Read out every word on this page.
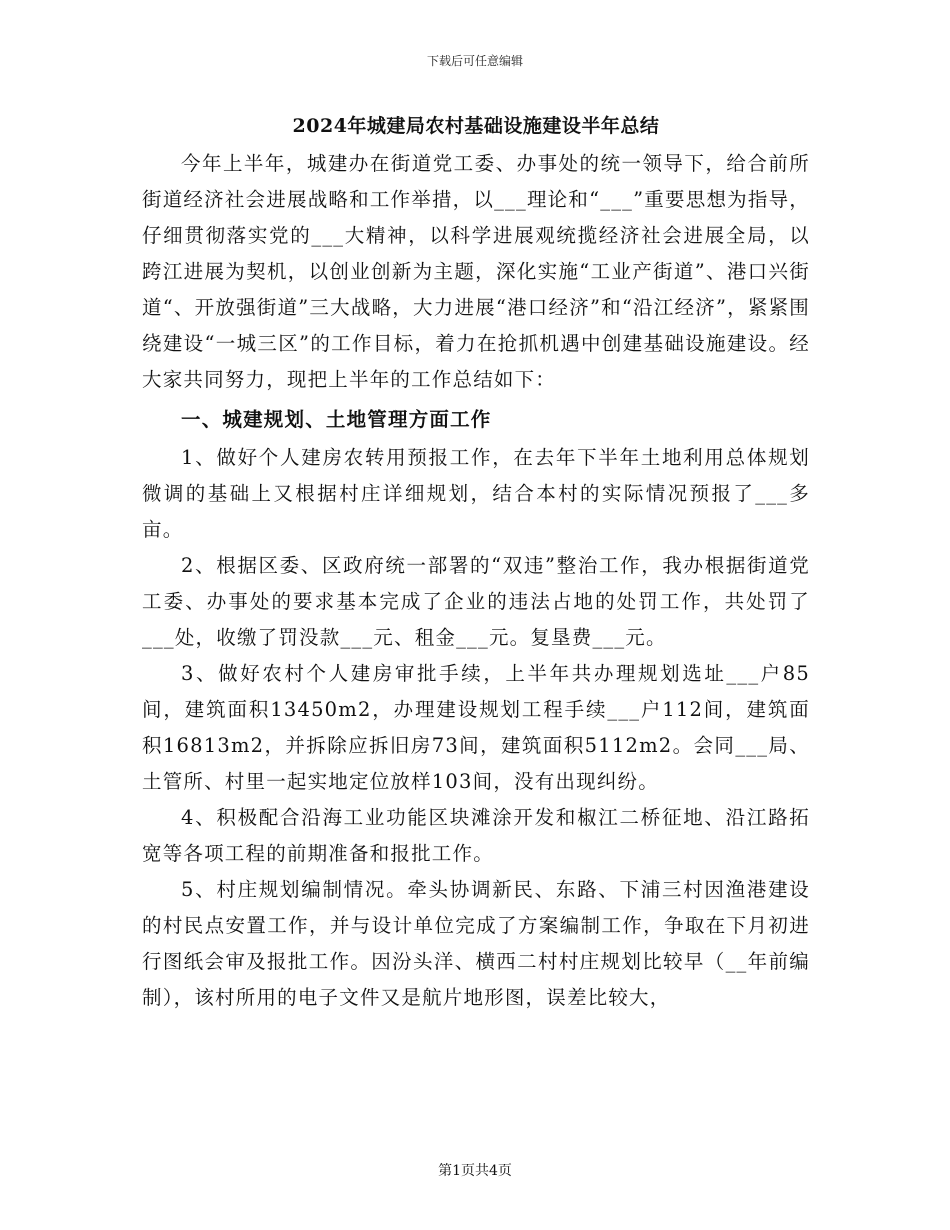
下载后可任意编辑
2024年城建局农村基础设施建设半年总结

今年上半年，城建办在街道党工委、办事处的统一领导下，给合前所街道经济社会进展战略和工作举措，以___理论和“___”重要思想为指导，仔细贯彻落实党的___大精神，以科学进展观统揽经济社会进展全局，以跨江进展为契机，以创业创新为主题，深化实施“工业产街道”、港口兴街道“、开放强街道”三大战略，大力进展“港口经济”和“沿江经济”，紧紧围绕建设“一城三区”的工作目标，着力在抢抓机遇中创建基础设施建设。经大家共同努力，现把上半年的工作总结如下：

一、城建规划、土地管理方面工作

1、做好个人建房农转用预报工作，在去年下半年土地利用总体规划微调的基础上又根据村庄详细规划，结合本村的实际情况预报了___多亩。

2、根据区委、区政府统一部署的“双违”整治工作，我办根据街道党工委、办事处的要求基本完成了企业的违法占地的处罚工作，共处罚了___处，收缴了罚没款___元、租金___元。复垦费___元。

3、做好农村个人建房审批手续，上半年共办理规划选址___户85间，建筑面积13450m2，办理建设规划工程手续___户112间，建筑面积16813m2，并拆除应拆旧房73间，建筑面积5112m2。会同___局、土管所、村里一起实地定位放样103间，没有出现纠纷。

4、积极配合沿海工业功能区块滩涂开发和椒江二桥征地、沿江路拓宽等各项工程的前期准备和报批工作。

5、村庄规划编制情况。牵头协调新民、东路、下浦三村因渔港建设的村民点安置工作，并与设计单位完成了方案编制工作，争取在下月初进行图纸会审及报批工作。因汾头洋、横西二村村庄规划比较早（__年前编制），该村所用的电子文件又是航片地形图，误差比较大，

第1页共4页
